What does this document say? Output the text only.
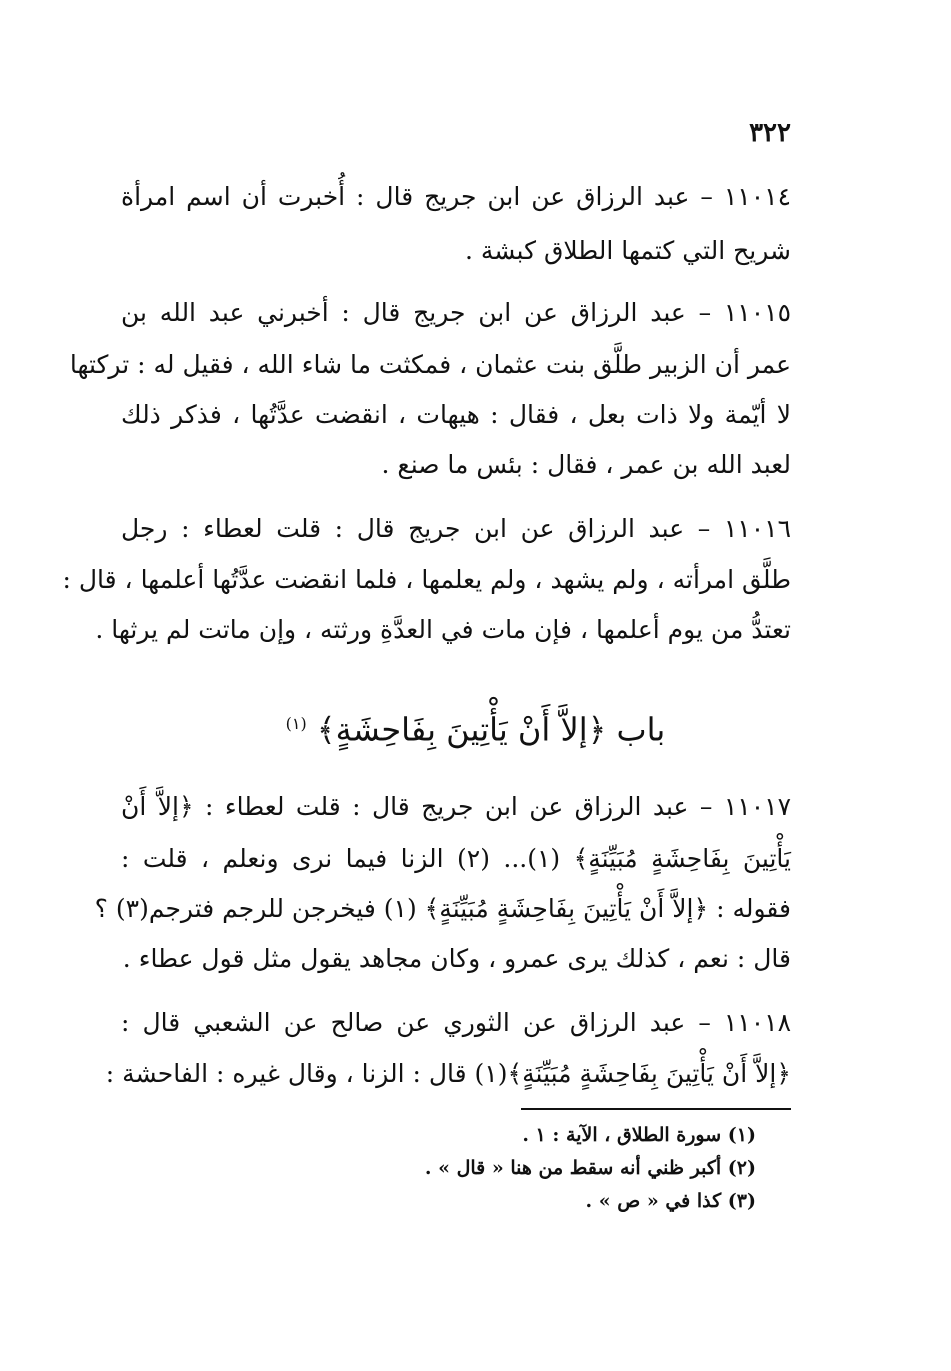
٣٢٢
١١٠١٤ – عبد الرزاق عن ابن جريج قال : أُخبرت أن اسم امرأة
شريح التي كتمها الطلاق كبشة .
١١٠١٥ – عبد الرزاق عن ابن جريج قال : أخبرني عبد الله بن
عمر أن الزبير طلَّق بنت عثمان ، فمكثت ما شاء الله ، فقيل له : تركتها
لا أيّمة ولا ذات بعل ، فقال : هيهات ، انقضت عدَّتُها ، فذكر ذلك
لعبد الله بن عمر ، فقال : بئس ما صنع .
١١٠١٦ – عبد الرزاق عن ابن جريج قال : قلت لعطاء : رجل
طلَّق امرأته ، ولم يشهد ، ولم يعلمها ، فلما انقضت عدَّتُها أعلمها ، قال :
تعتدُّ من يوم أعلمها ، فإن مات في العدَّةِ ورثته ، وإن ماتت لم يرثها .
باب ﴿إلاَّ أَنْ يَأْتِينَ بِفَاحِشَةٍ﴾ $^{(١)}$
١١٠١٧ – عبد الرزاق عن ابن جريج قال : قلت لعطاء : ﴿إلاَّ أَنْ
يَأْتِينَ بِفَاحِشَةٍ مُبَيِّنَةٍ﴾ (١)... (٢) الزنا فيما نرى ونعلم ، قلت :
فقوله : ﴿إلاَّ أَنْ يَأْتِينَ بِفَاحِشَةٍ مُبَيِّنَةٍ﴾ (١) فيخرجن للرجم فترجم(٣) ؟
قال : نعم ، كذلك يرى عمرو ، وكان مجاهد يقول مثل قول عطاء .
١١٠١٨ – عبد الرزاق عن الثوري عن صالح عن الشعبي قال :
﴿إلاَّ أَنْ يَأْتِينَ بِفَاحِشَةٍ مُبَيِّنَةٍ﴾(١) قال : الزنا ، وقال غيره : الفاحشة :
(١) سورة الطلاق ، الآية : ١ .
(٢) أكبر ظني أنه سقط من هنا « قال » .
(٣) كذا في « ص » .
